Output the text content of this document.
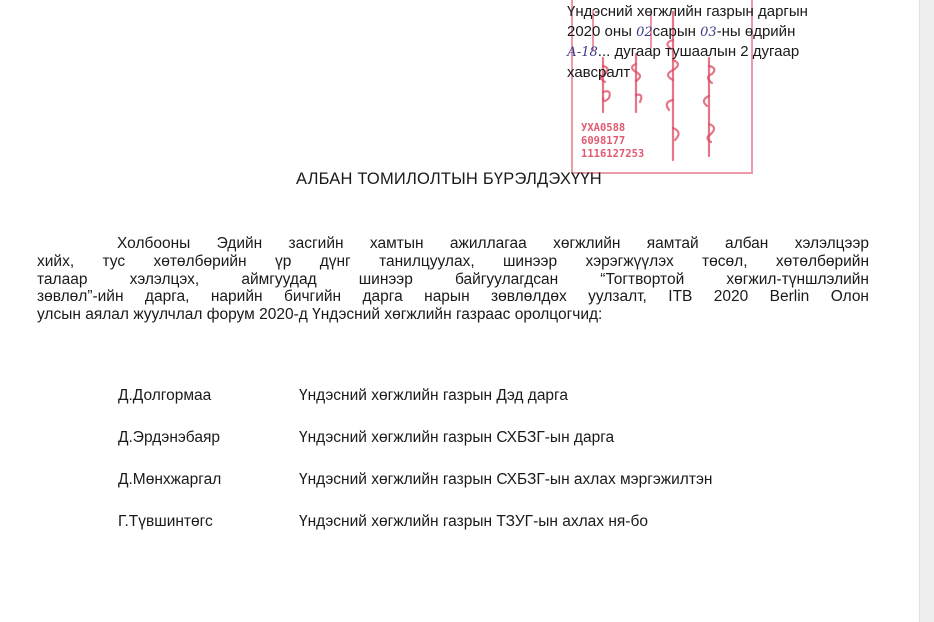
УХА0588
6098177
1116127253
Үндэсний хөгжлийн газрын даргын
2020 оны 02сарын 03-ны өдрийн
А-18... дугаар тушаалын 2 дугаар
хавсралт
АЛБАН ТОМИЛОЛТЫН БҮРЭЛДЭХҮҮН
Холбооны Эдийн засгийн хамтын ажиллагаа хөгжлийн яамтай албан хэлэлцээр
хийх, тус хөтөлбөрийн үр дүнг танилцуулах, шинээр хэрэгжүүлэх төсөл, хөтөлбөрийн
талаар хэлэлцэх, аймгуудад шинээр байгуулагдсан “Тогтвортой хөгжил-түншлэлийн
зөвлөл”-ийн дарга, нарийн бичгийн дарга нарын зөвлөлдөх уулзалт, ITB 2020 Berlin Олон
улсын аялал жуулчлал форум 2020-д Үндэсний хөгжлийн газраас оролцогчид:
Д.Долгормаа	Үндэсний хөгжлийн газрын Дэд дарга
Д.Эрдэнэбаяр	Үндэсний хөгжлийн газрын СХБЗГ-ын дарга
Д.Мөнхжаргал	Үндэсний хөгжлийн газрын СХБЗГ-ын ахлах мэргэжилтэн
Г.Түвшинтөгс	Үндэсний хөгжлийн газрын ТЗУГ-ын ахлах ня-бо
